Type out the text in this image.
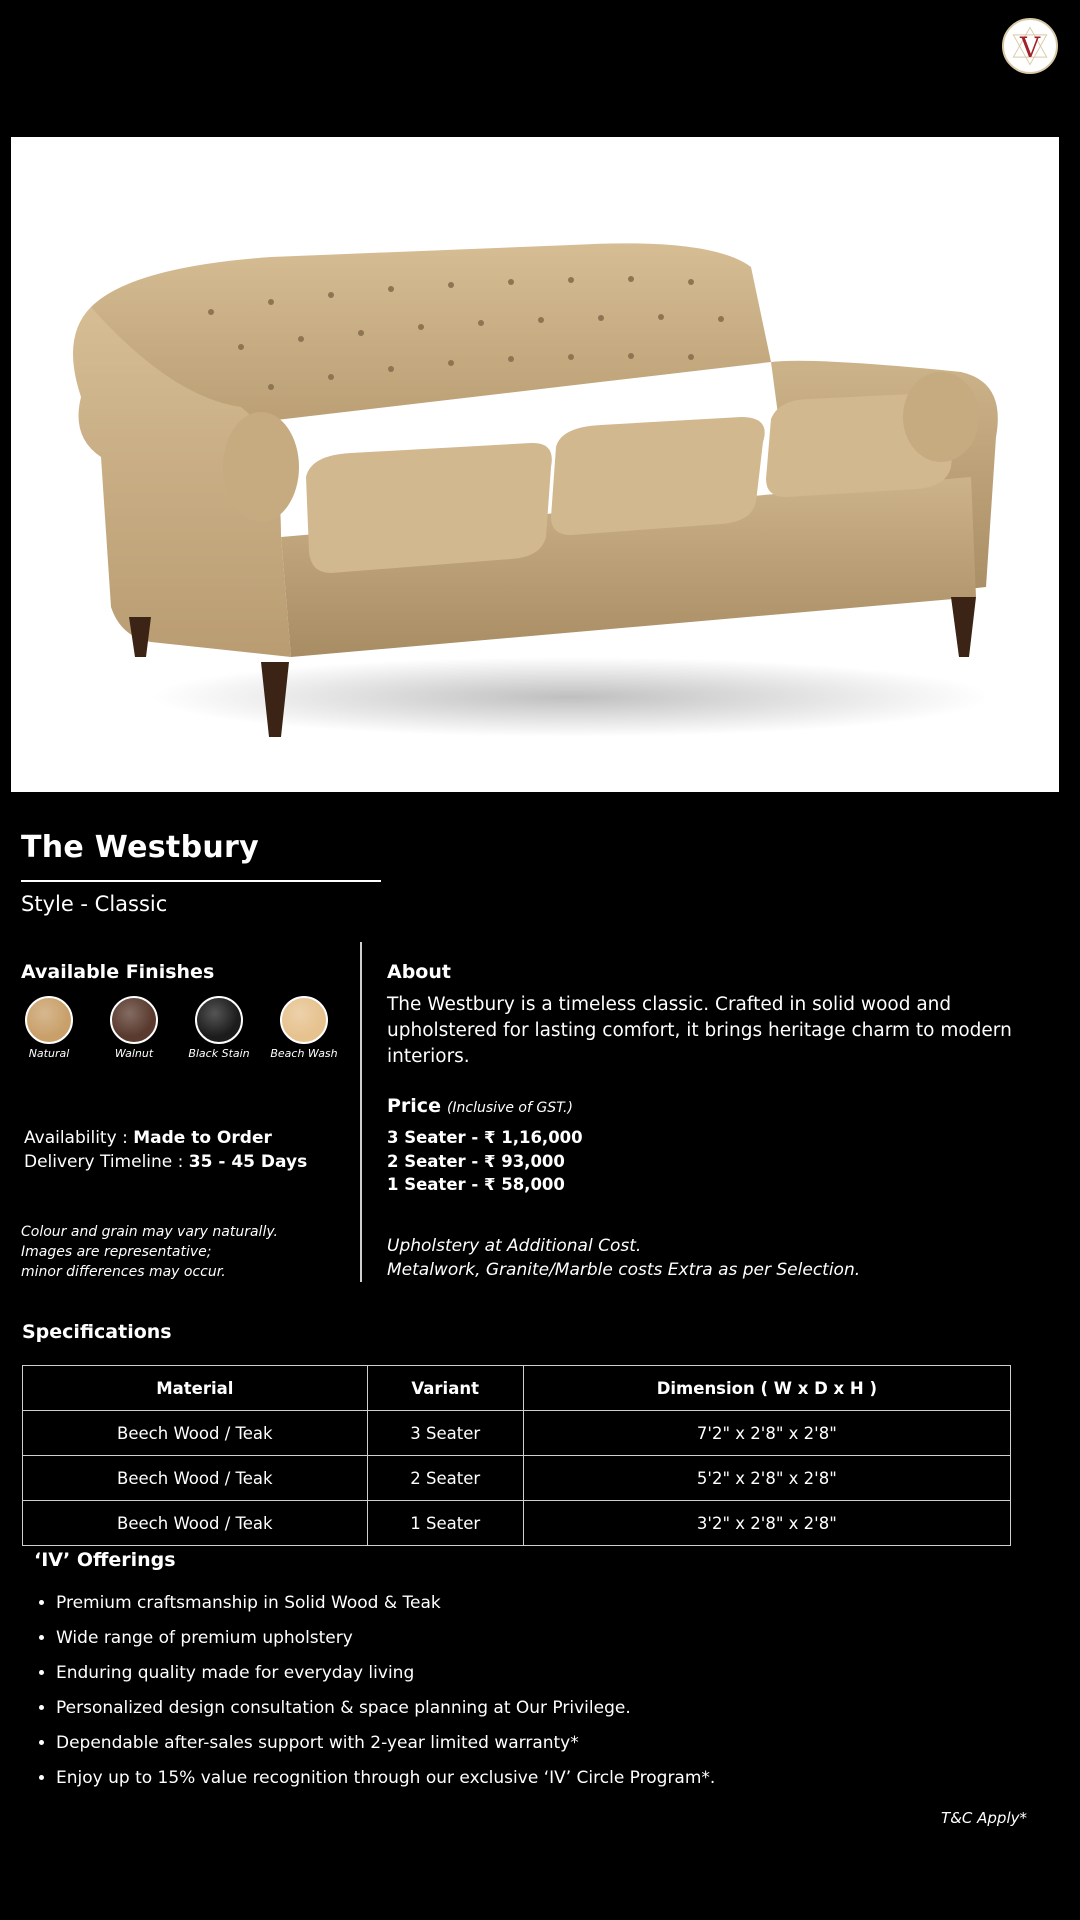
V
The Westbury
Style - Classic
Available Finishes
Natural	Walnut	Black Stain	Beach Wash
Availability : Made to Order
Delivery Timeline : 35 - 45 Days
Colour and grain may vary naturally.
Images are representative;
minor differences may occur.
About
The Westbury is a timeless classic. Crafted in solid wood and upholstered for lasting comfort, it brings heritage charm to modern interiors.
Price (Inclusive of GST.)
3 Seater - ₹ 1,16,000
2 Seater - ₹ 93,000
1 Seater - ₹ 58,000
Upholstery at Additional Cost.
Metalwork, Granite/Marble costs Extra as per Selection.
Specifications
Material	Variant	Dimension ( W x D x H )
Beech Wood / Teak	3 Seater	7'2" x 2'8" x 2'8"
Beech Wood / Teak	2 Seater	5'2" x 2'8" x 2'8"
Beech Wood / Teak	1 Seater	3'2" x 2'8" x 2'8"
‘IV’ Offerings
• Premium craftsmanship in Solid Wood & Teak
• Wide range of premium upholstery
• Enduring quality made for everyday living
• Personalized design consultation & space planning at Our Privilege.
• Dependable after-sales support with 2-year limited warranty*
• Enjoy up to 15% value recognition through our exclusive ‘IV’ Circle Program*.
T&C Apply*
